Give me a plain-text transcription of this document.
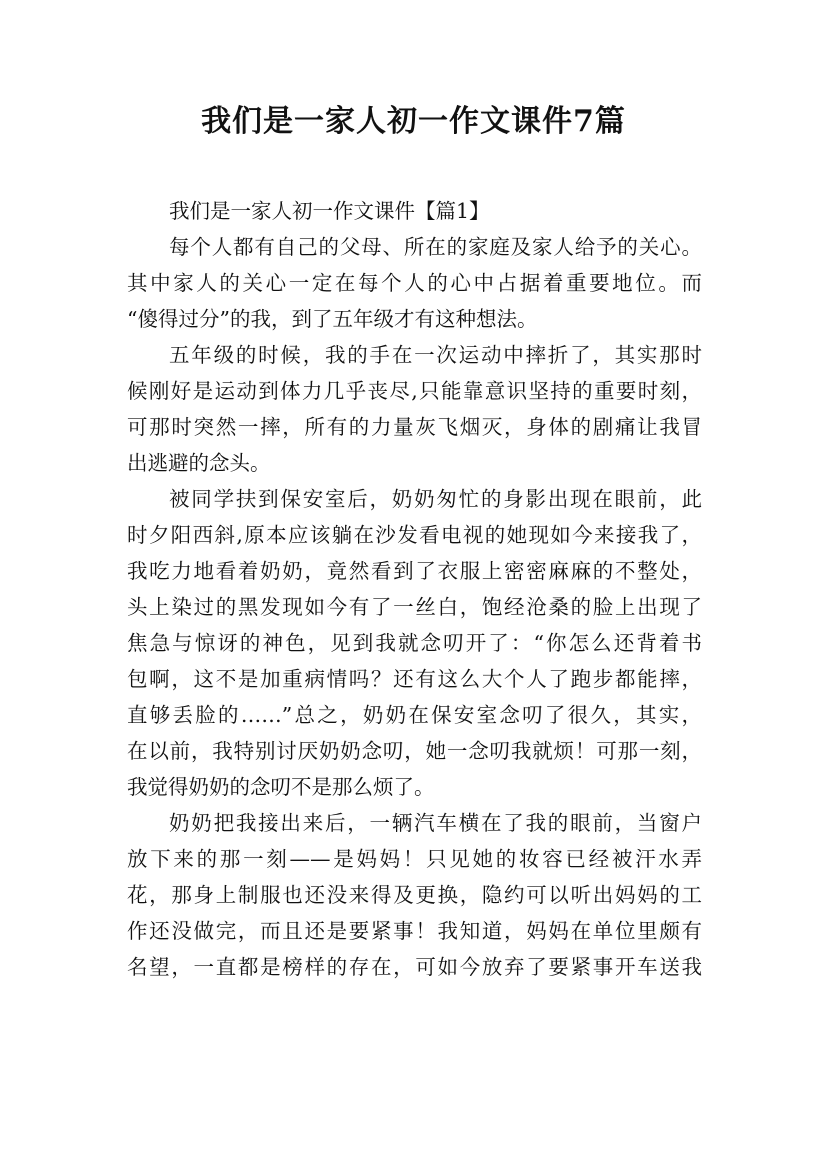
我们是一家人初一作文课件7篇
我们是一家人初一作文课件【篇1】
每个人都有自己的父母、所在的家庭及家人给予的关心。
其中家人的关心一定在每个人的心中占据着重要地位。而
“傻得过分”的我，到了五年级才有这种想法。
五年级的时候，我的手在一次运动中摔折了，其实那时
候刚好是运动到体力几乎丧尽,只能靠意识坚持的重要时刻，
可那时突然一摔，所有的力量灰飞烟灭，身体的剧痛让我冒
出逃避的念头。
被同学扶到保安室后，奶奶匆忙的身影出现在眼前，此
时夕阳西斜,原本应该躺在沙发看电视的她现如今来接我了，
我吃力地看着奶奶，竟然看到了衣服上密密麻麻的不整处，
头上染过的黑发现如今有了一丝白，饱经沧桑的脸上出现了
焦急与惊讶的神色，见到我就念叨开了：“你怎么还背着书
包啊，这不是加重病情吗？还有这么大个人了跑步都能摔，
直够丢脸的……”总之，奶奶在保安室念叨了很久，其实，
在以前，我特别讨厌奶奶念叨，她一念叨我就烦！可那一刻，
我觉得奶奶的念叨不是那么烦了。
奶奶把我接出来后，一辆汽车横在了我的眼前，当窗户
放下来的那一刻——是妈妈！只见她的妆容已经被汗水弄
花，那身上制服也还没来得及更换，隐约可以听出妈妈的工
作还没做完，而且还是要紧事！我知道，妈妈在单位里颇有
名望，一直都是榜样的存在，可如今放弃了要紧事开车送我
